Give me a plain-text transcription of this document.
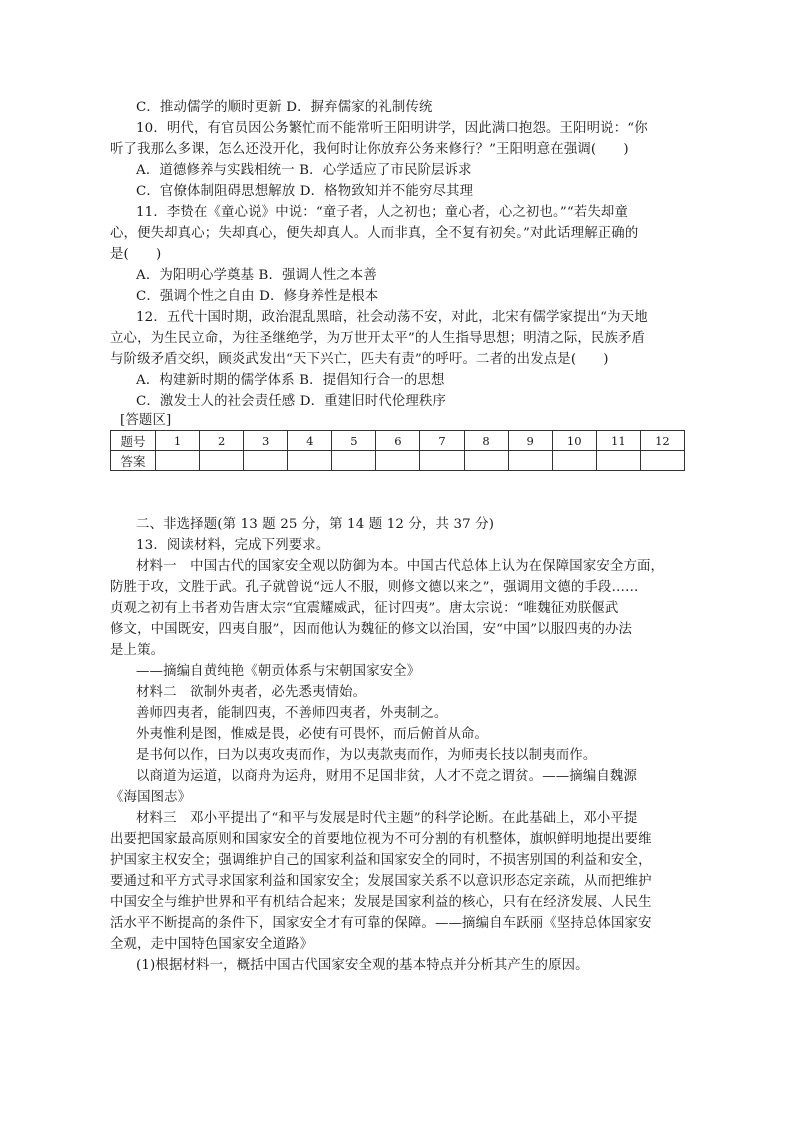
C．推动儒学的顺时更新 D．摒弃儒家的礼制传统
10．明代，有官员因公务繁忙而不能常听王阳明讲学，因此满口抱怨。王阳明说：“你
听了我那么多课，怎么还没开化，我何时让你放弃公务来修行？”王阳明意在强调(　　)
A．道德修养与实践相统一 B．心学适应了市民阶层诉求
C．官僚体制阻碍思想解放 D．格物致知并不能穷尽其理
11．李贽在《童心说》中说：“童子者，人之初也；童心者，心之初也。”“若失却童
心，便失却真心；失却真心，便失却真人。人而非真，全不复有初矣。”对此话理解正确的
是(　　)
A．为阳明心学奠基 B．强调人性之本善
C．强调个性之自由 D．修身养性是根本
12．五代十国时期，政治混乱黑暗，社会动荡不安，对此，北宋有儒学家提出“为天地
立心，为生民立命，为往圣继绝学，为万世开太平”的人生指导思想；明清之际，民族矛盾
与阶级矛盾交织，顾炎武发出“天下兴亡，匹夫有责”的呼吁。二者的出发点是(　　)
A．构建新时期的儒学体系 B．提倡知行合一的思想
C．激发士人的社会责任感 D．重建旧时代伦理秩序
[答题区]
题号	1	2	3	4	5	6	7	8	9	10	11	12
答案												
二、非选择题(第 13 题 25 分，第 14 题 12 分，共 37 分)
13．阅读材料，完成下列要求。
材料一　中国古代的国家安全观以防御为本。中国古代总体上认为在保障国家安全方面，
防胜于攻，文胜于武。孔子就曾说“远人不服，则修文德以来之”，强调用文德的手段……
贞观之初有上书者劝告唐太宗“宜震耀威武，征讨四夷”。唐太宗说：“唯魏征劝朕偃武
修文，中国既安，四夷自服”，因而他认为魏征的修文以治国，安“中国”以服四夷的办法
是上策。
——摘编自黄纯艳《朝贡体系与宋朝国家安全》
材料二　欲制外夷者，必先悉夷情始。
善师四夷者，能制四夷，不善师四夷者，外夷制之。
外夷惟利是图，惟威是畏，必使有可畏怀，而后俯首从命。
是书何以作，曰为以夷攻夷而作，为以夷款夷而作，为师夷长技以制夷而作。
以商道为运道，以商舟为运舟，财用不足国非贫，人才不竞之谓贫。——摘编自魏源
《海国图志》
材料三　邓小平提出了“和平与发展是时代主题”的科学论断。在此基础上，邓小平提
出要把国家最高原则和国家安全的首要地位视为不可分割的有机整体，旗帜鲜明地提出要维
护国家主权安全；强调维护自己的国家利益和国家安全的同时，不损害别国的利益和安全，
要通过和平方式寻求国家利益和国家安全；发展国家关系不以意识形态定亲疏，从而把维护
中国安全与维护世界和平有机结合起来；发展是国家利益的核心，只有在经济发展、人民生
活水平不断提高的条件下，国家安全才有可靠的保障。——摘编自车跃丽《坚持总体国家安
全观，走中国特色国家安全道路》
(1)根据材料一，概括中国古代国家安全观的基本特点并分析其产生的原因。
